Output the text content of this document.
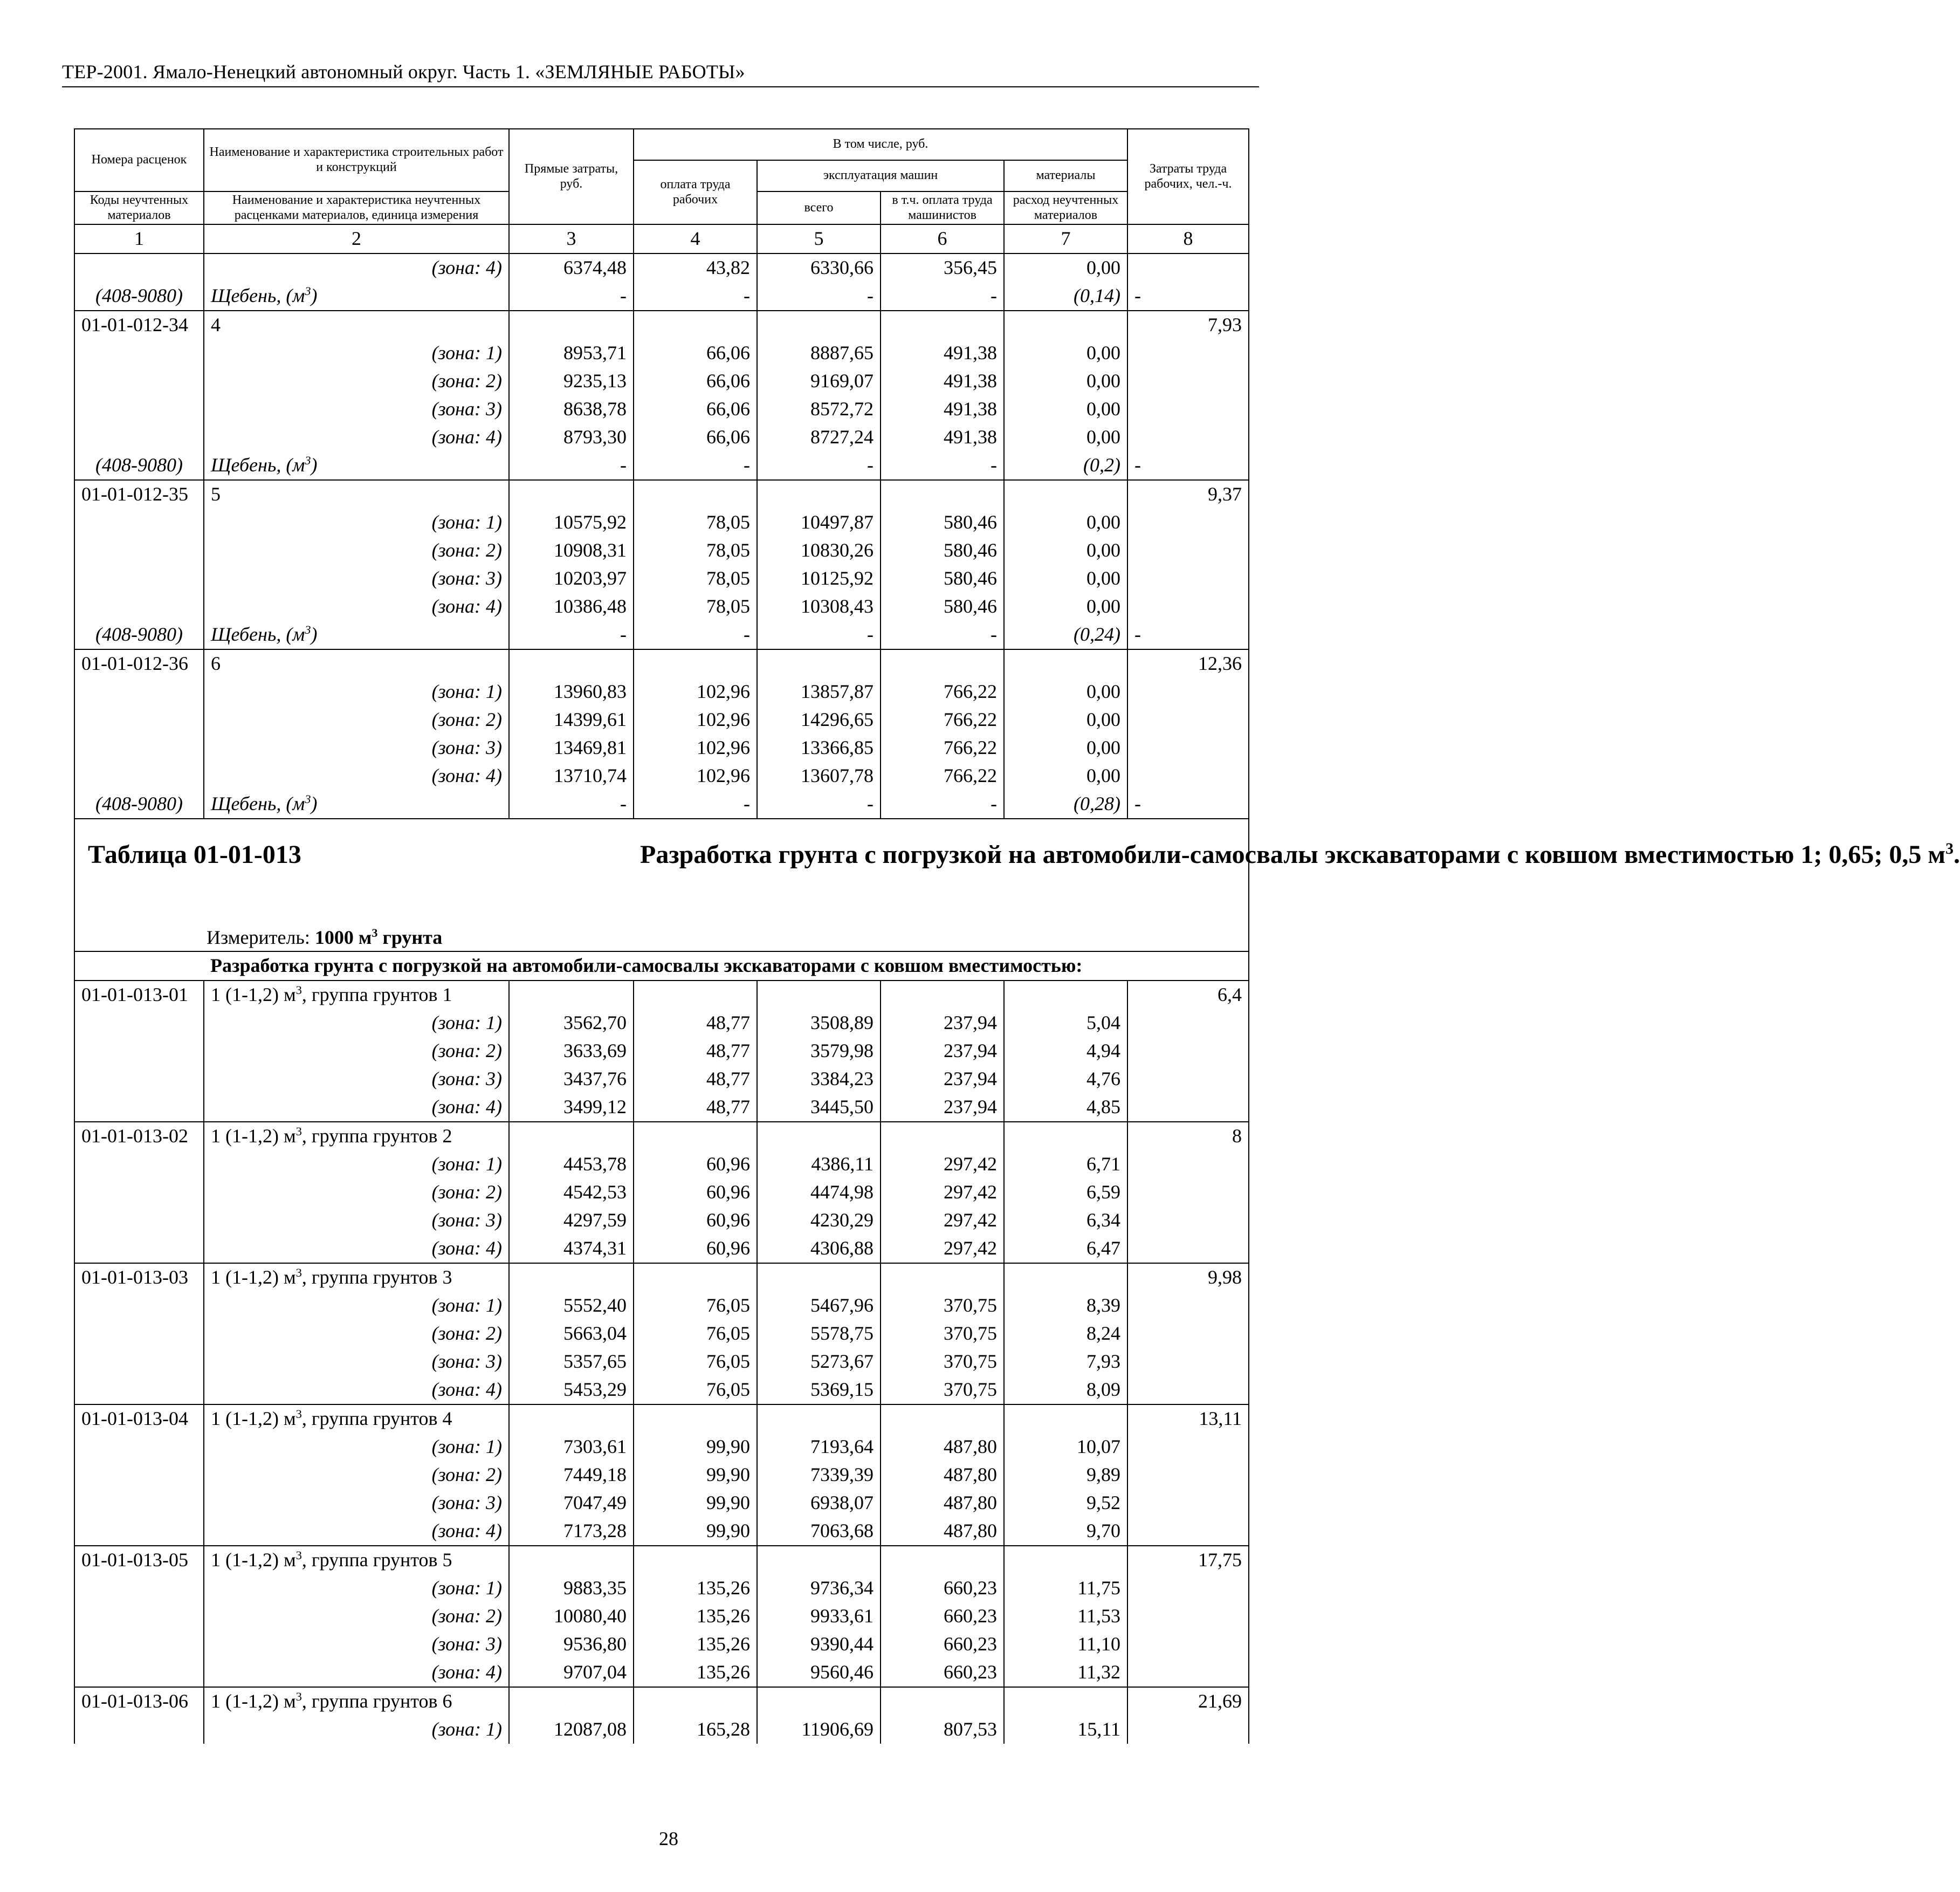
ТЕР-2001. Ямало-Ненецкий автономный округ. Часть 1. «ЗЕМЛЯНЫЕ РАБОТЫ»
Номера расценок	Наименование и характеристика строительных работ и конструкций	Прямые затраты, руб.	В том числе, руб.				Затраты труда рабочих, чел.-ч.
			оплата труда рабочих	эксплуатация машин		материалы	
Коды неучтенных материалов	Наименование и характеристика неучтенных расценками материалов, единица измерения			всего	в т.ч. оплата труда машинистов	расход неучтенных материалов	
1	2	3	4	5	6	7	8
	(зона: 4)	6374,48	43,82	6330,66	356,45	0,00	
(408-9080)	Щебень, $(м^3)$	-	-	-	-	(0,14)	-
01-01-012-34	4						7,93
	(зона: 1)	8953,71	66,06	8887,65	491,38	0,00	
	(зона: 2)	9235,13	66,06	9169,07	491,38	0,00	
	(зона: 3)	8638,78	66,06	8572,72	491,38	0,00	
	(зона: 4)	8793,30	66,06	8727,24	491,38	0,00	
(408-9080)	Щебень, $(м^3)$	-	-	-	-	(0,2)	-
01-01-012-35	5						9,37
	(зона: 1)	10575,92	78,05	10497,87	580,46	0,00	
	(зона: 2)	10908,31	78,05	10830,26	580,46	0,00	
	(зона: 3)	10203,97	78,05	10125,92	580,46	0,00	
	(зона: 4)	10386,48	78,05	10308,43	580,46	0,00	
(408-9080)	Щебень, $(м^3)$	-	-	-	-	(0,24)	-
01-01-012-36	6						12,36
	(зона: 1)	13960,83	102,96	13857,87	766,22	0,00	
	(зона: 2)	14399,61	102,96	14296,65	766,22	0,00	
	(зона: 3)	13469,81	102,96	13366,85	766,22	0,00	
	(зона: 4)	13710,74	102,96	13607,78	766,22	0,00	
(408-9080)	Щебень, $(м^3)$	-	-	-	-	(0,28)	-

Таблица 01-01-013
Измеритель: 1000 $м^3$ грунта			Разработка грунта с погрузкой на автомобили-самосвалы экскаваторами с ковшом вместимостью 1; 0,65; 0,5 $м^3$.				

	Разработка грунта с погрузкой на автомобили-самосвалы экскаваторами с ковшом вместимостью:						
01-01-013-01	1 (1-1,2) $м^3$, группа грунтов 1						6,4
	(зона: 1)	3562,70	48,77	3508,89	237,94	5,04	
	(зона: 2)	3633,69	48,77	3579,98	237,94	4,94	
	(зона: 3)	3437,76	48,77	3384,23	237,94	4,76	
	(зона: 4)	3499,12	48,77	3445,50	237,94	4,85	
01-01-013-02	1 (1-1,2) $м^3$, группа грунтов 2						8
	(зона: 1)	4453,78	60,96	4386,11	297,42	6,71	
	(зона: 2)	4542,53	60,96	4474,98	297,42	6,59	
	(зона: 3)	4297,59	60,96	4230,29	297,42	6,34	
	(зона: 4)	4374,31	60,96	4306,88	297,42	6,47	
01-01-013-03	1 (1-1,2) $м^3$, группа грунтов 3						9,98
	(зона: 1)	5552,40	76,05	5467,96	370,75	8,39	
	(зона: 2)	5663,04	76,05	5578,75	370,75	8,24	
	(зона: 3)	5357,65	76,05	5273,67	370,75	7,93	
	(зона: 4)	5453,29	76,05	5369,15	370,75	8,09	
01-01-013-04	1 (1-1,2) $м^3$, группа грунтов 4						13,11
	(зона: 1)	7303,61	99,90	7193,64	487,80	10,07	
	(зона: 2)	7449,18	99,90	7339,39	487,80	9,89	
	(зона: 3)	7047,49	99,90	6938,07	487,80	9,52	
	(зона: 4)	7173,28	99,90	7063,68	487,80	9,70	
01-01-013-05	1 (1-1,2) $м^3$, группа грунтов 5						17,75
	(зона: 1)	9883,35	135,26	9736,34	660,23	11,75	
	(зона: 2)	10080,40	135,26	9933,61	660,23	11,53	
	(зона: 3)	9536,80	135,26	9390,44	660,23	11,10	
	(зона: 4)	9707,04	135,26	9560,46	660,23	11,32	
01-01-013-06	1 (1-1,2) $м^3$, группа грунтов 6						21,69
	(зона: 1)	12087,08	165,28	11906,69	807,53	15,11	
28
